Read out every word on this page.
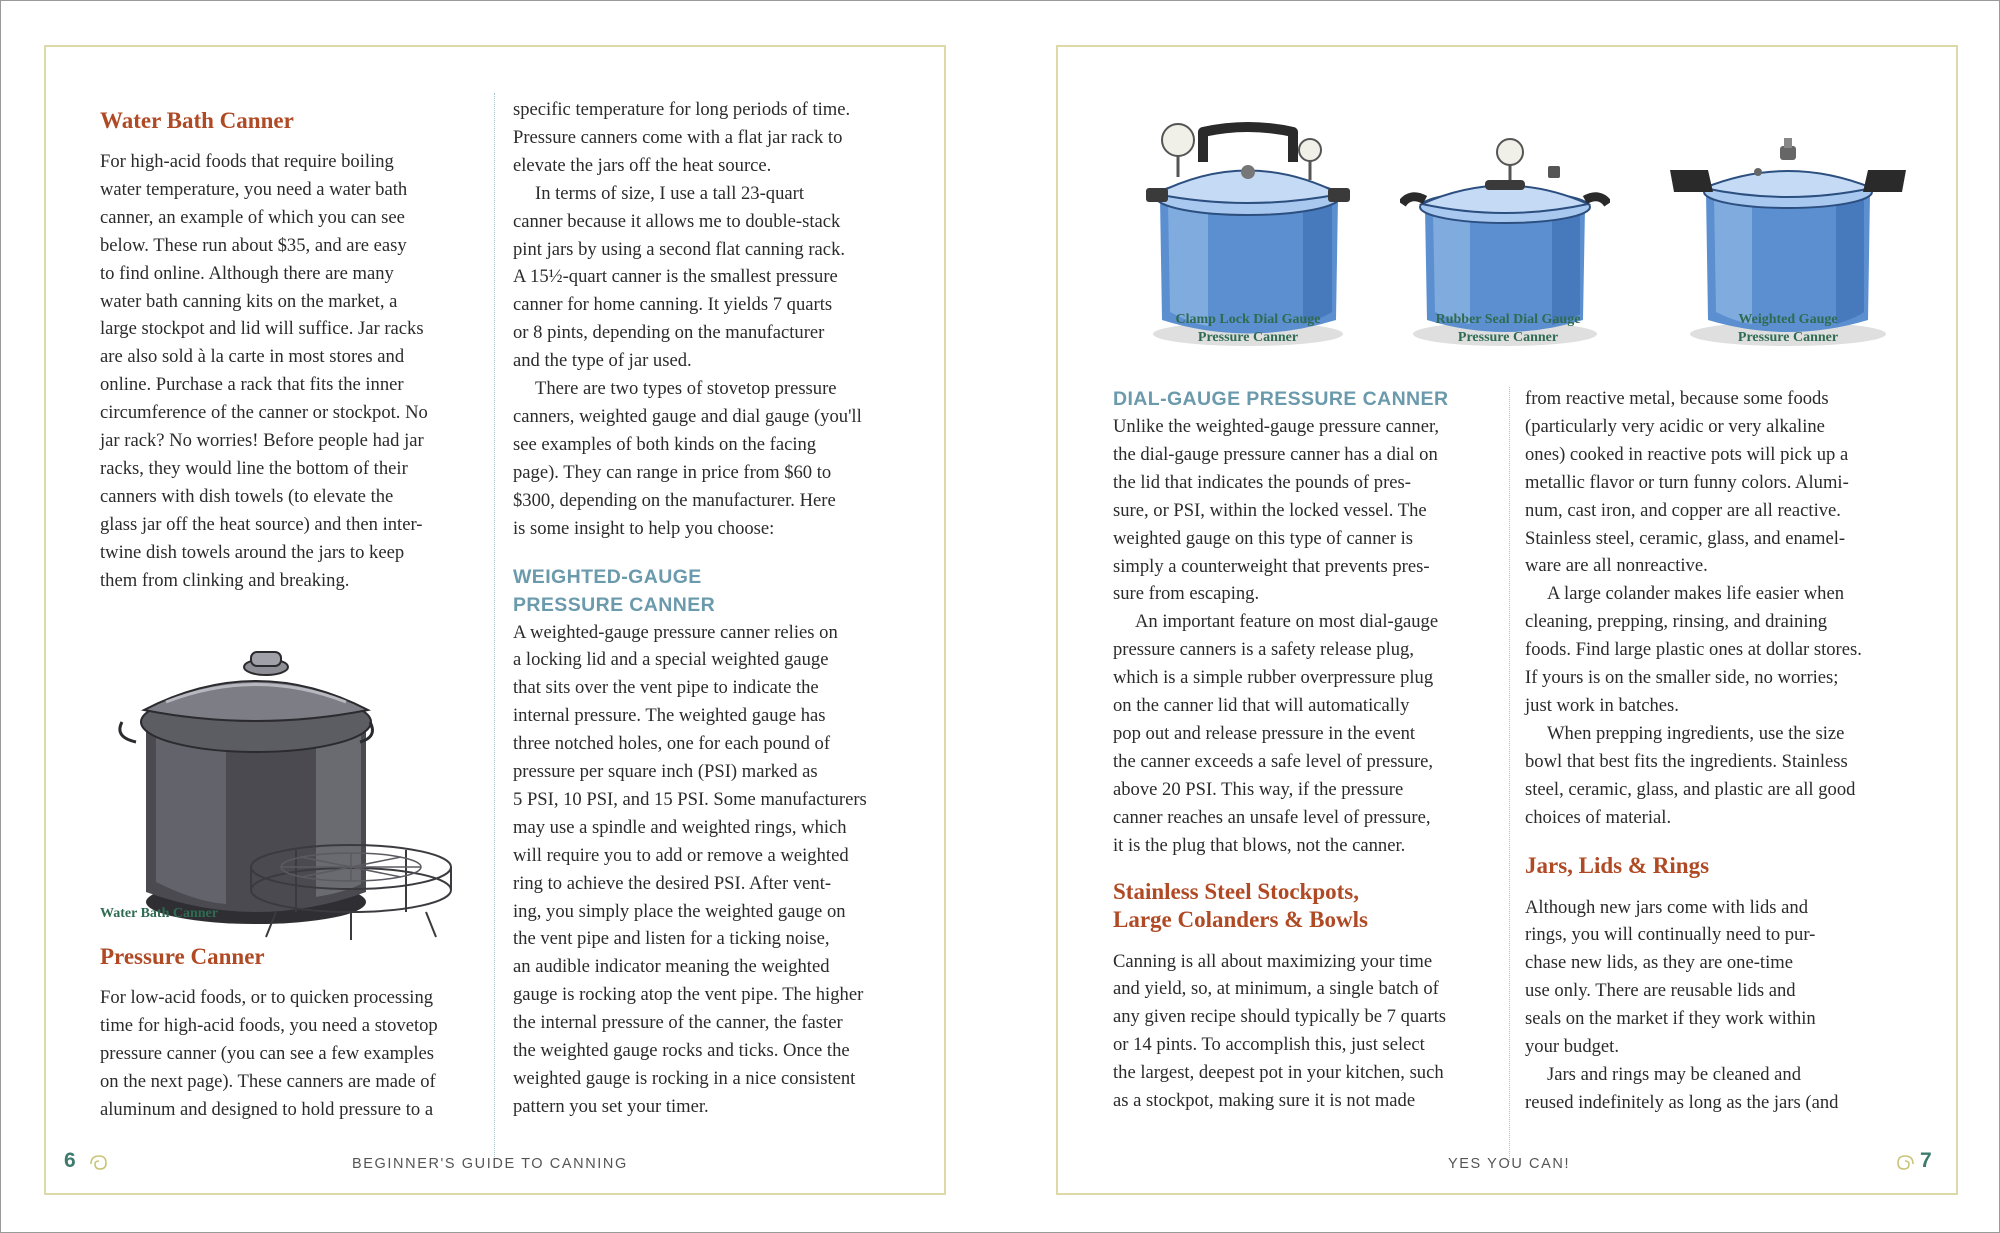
Water Bath Canner
For high-acid foods that require boiling
water temperature, you need a water bath
canner, an example of which you can see
below. These run about $35, and are easy
to find online. Although there are many
water bath canning kits on the market, a
large stockpot and lid will suffice. Jar racks
are also sold à la carte in most stores and
online. Purchase a rack that fits the inner
circumference of the canner or stockpot. No
jar rack? No worries! Before people had jar
racks, they would line the bottom of their
canners with dish towels (to elevate the
glass jar off the heat source) and then inter-
twine dish towels around the jars to keep
them from clinking and breaking.
Water Bath Canner
Pressure Canner
For low-acid foods, or to quicken processing
time for high-acid foods, you need a stovetop
pressure canner (you can see a few examples
on the next page). These canners are made of
aluminum and designed to hold pressure to a
specific temperature for long periods of time.
Pressure canners come with a flat jar rack to
elevate the jars off the heat source.
In terms of size, I use a tall 23-quart
canner because it allows me to double-stack
pint jars by using a second flat canning rack.
A 15½-quart canner is the smallest pressure
canner for home canning. It yields 7 quarts
or 8 pints, depending on the manufacturer
and the type of jar used.
There are two types of stovetop pressure
canners, weighted gauge and dial gauge (you'll
see examples of both kinds on the facing
page). They can range in price from $60 to
$300, depending on the manufacturer. Here
is some insight to help you choose:
WEIGHTED-GAUGE
PRESSURE CANNER
A weighted-gauge pressure canner relies on
a locking lid and a special weighted gauge
that sits over the vent pipe to indicate the
internal pressure. The weighted gauge has
three notched holes, one for each pound of
pressure per square inch (PSI) marked as
5 PSI, 10 PSI, and 15 PSI. Some manufacturers
may use a spindle and weighted rings, which
will require you to add or remove a weighted
ring to achieve the desired PSI. After vent-
ing, you simply place the weighted gauge on
the vent pipe and listen for a ticking noise,
an audible indicator meaning the weighted
gauge is rocking atop the vent pipe. The higher
the internal pressure of the canner, the faster
the weighted gauge rocks and ticks. Once the
weighted gauge is rocking in a nice consistent
pattern you set your timer.
6	BEGINNER'S GUIDE TO CANNING
Clamp Lock Dial Gauge
Pressure Canner
Rubber Seal Dial Gauge
Pressure Canner
Weighted Gauge
Pressure Canner
DIAL-GAUGE PRESSURE CANNER
Unlike the weighted-gauge pressure canner,
the dial-gauge pressure canner has a dial on
the lid that indicates the pounds of pres-
sure, or PSI, within the locked vessel. The
weighted gauge on this type of canner is
simply a counterweight that prevents pres-
sure from escaping.
An important feature on most dial-gauge
pressure canners is a safety release plug,
which is a simple rubber overpressure plug
on the canner lid that will automatically
pop out and release pressure in the event
the canner exceeds a safe level of pressure,
above 20 PSI. This way, if the pressure
canner reaches an unsafe level of pressure,
it is the plug that blows, not the canner.
Stainless Steel Stockpots,
Large Colanders & Bowls
Canning is all about maximizing your time
and yield, so, at minimum, a single batch of
any given recipe should typically be 7 quarts
or 14 pints. To accomplish this, just select
the largest, deepest pot in your kitchen, such
as a stockpot, making sure it is not made
from reactive metal, because some foods
(particularly very acidic or very alkaline
ones) cooked in reactive pots will pick up a
metallic flavor or turn funny colors. Alumi-
num, cast iron, and copper are all reactive.
Stainless steel, ceramic, glass, and enamel-
ware are all nonreactive.
A large colander makes life easier when
cleaning, prepping, rinsing, and draining
foods. Find large plastic ones at dollar stores.
If yours is on the smaller side, no worries;
just work in batches.
When prepping ingredients, use the size
bowl that best fits the ingredients. Stainless
steel, ceramic, glass, and plastic are all good
choices of material.
Jars, Lids & Rings
Although new jars come with lids and
rings, you will continually need to pur-
chase new lids, as they are one-time
use only. There are reusable lids and
seals on the market if they work within
your budget.
Jars and rings may be cleaned and
reused indefinitely as long as the jars (and
YES YOU CAN!	7
